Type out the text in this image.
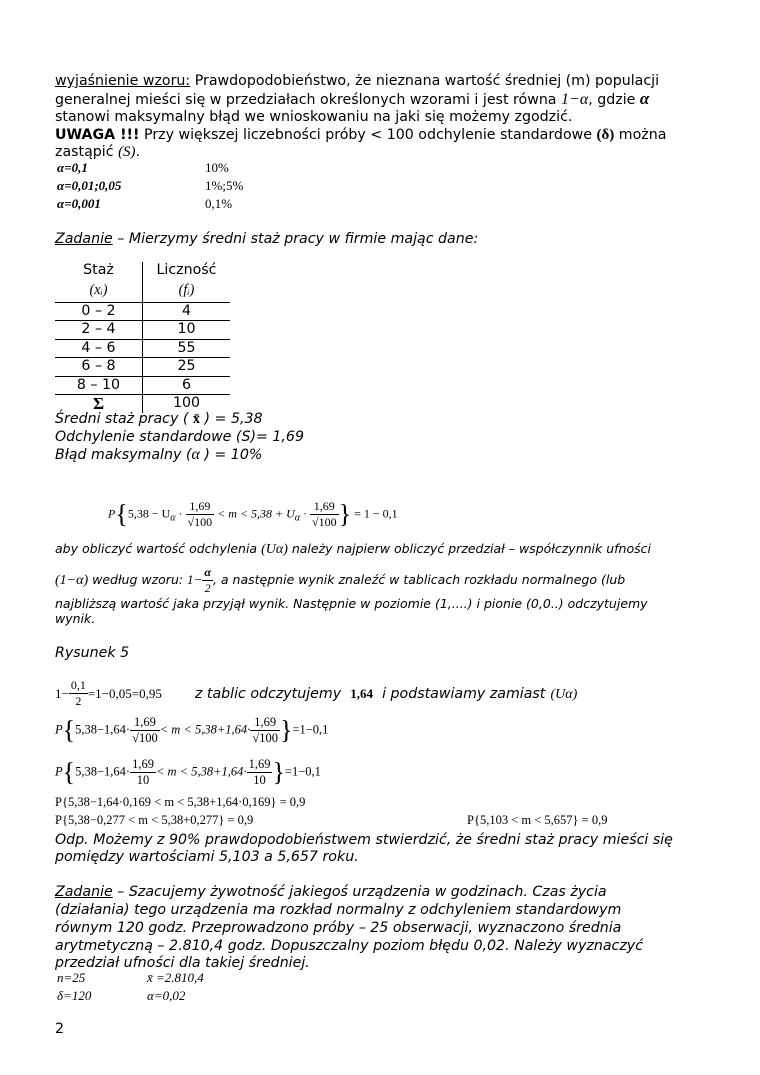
wyjaśnienie wzoru: Prawdopodobieństwo, że nieznana wartość średniej (m) populacji
generalnej mieści się w przedziałach określonych wzorami i jest równa 1−α, gdzie α
stanowi maksymalny błąd we wnioskowaniu na jaki się możemy zgodzić.
UWAGA !!! Przy większej liczebności próby < 100 odchylenie standardowe (δ) można
zastąpić (S).
α=0,1	10%
α=0,01;0,05	1%;5%
α=0,001	0,1%
Zadanie – Mierzymy średni staż pracy w firmie mając dane:
Staż	Liczność
(xᵢ)	(fᵢ)
0 – 2	4
2 – 4	10
4 – 6	55
6 – 8	25
8 – 10	6
Σ	100
Średni staż pracy ( x̄ ) = 5,38
Odchylenie standardowe (S)= 1,69
Błąd maksymalny (α ) = 10%
$P\{5,38 - U_\alpha \cdot \frac{1,69}{√100} < m < 5,38 + U_\alpha \cdot \frac{1,69}{√100}$ } = 1 − 0,1
aby obliczyć wartość odchylenia (Uα) należy najpierw obliczyć przedział – współczynnik ufności
(1−α) według wzoru: $1- \frac{\alpha}{2}$ , a następnie wynik znaleźć w tablicach rozkładu normalnego (lub
najbliższą wartość jaka przyjął wynik. Następnie w poziomie (1,....) i pionie (0,0..) odczytujemy
wynik.
Rysunek 5
$1- \frac{0,1}{2} =1-0,05=0,95$ z tablic odczytujemy 1,64 i podstawiamy zamiast (Uα)
$P\{5,38-1,64\cdot \frac{1,69}{√100} < m < 5,38+1,64\cdot \frac{1,69}{√100} \}=1-0,1$
$P\{5,38-1,64\cdot \frac{1,69}{10} < m < 5,38+1,64\cdot \frac{1,69}{10} \}=1-0,1$
P{5,38−1,64·0,169 < m < 5,38+1,64·0,169} = 0,9
P{5,38−0,277 < m < 5,38+0,277} = 0,9	P{5,103 < m < 5,657} = 0,9
Odp. Możemy z 90% prawdopodobieństwem stwierdzić, że średni staż pracy mieści się
pomiędzy wartościami 5,103 a 5,657 roku.
Zadanie – Szacujemy żywotność jakiegoś urządzenia w godzinach. Czas życia
(działania) tego urządzenia ma rozkład normalny z odchyleniem standardowym
równym 120 godz. Przeprowadzono próby – 25 obserwacji, wyznaczono średnia
arytmetyczną – 2.810,4 godz. Dopuszczalny poziom błędu 0,02. Należy wyznaczyć
przedział ufności dla takiej średniej.
n=25	x̄ =2.810,4
δ=120	α=0,02
2
